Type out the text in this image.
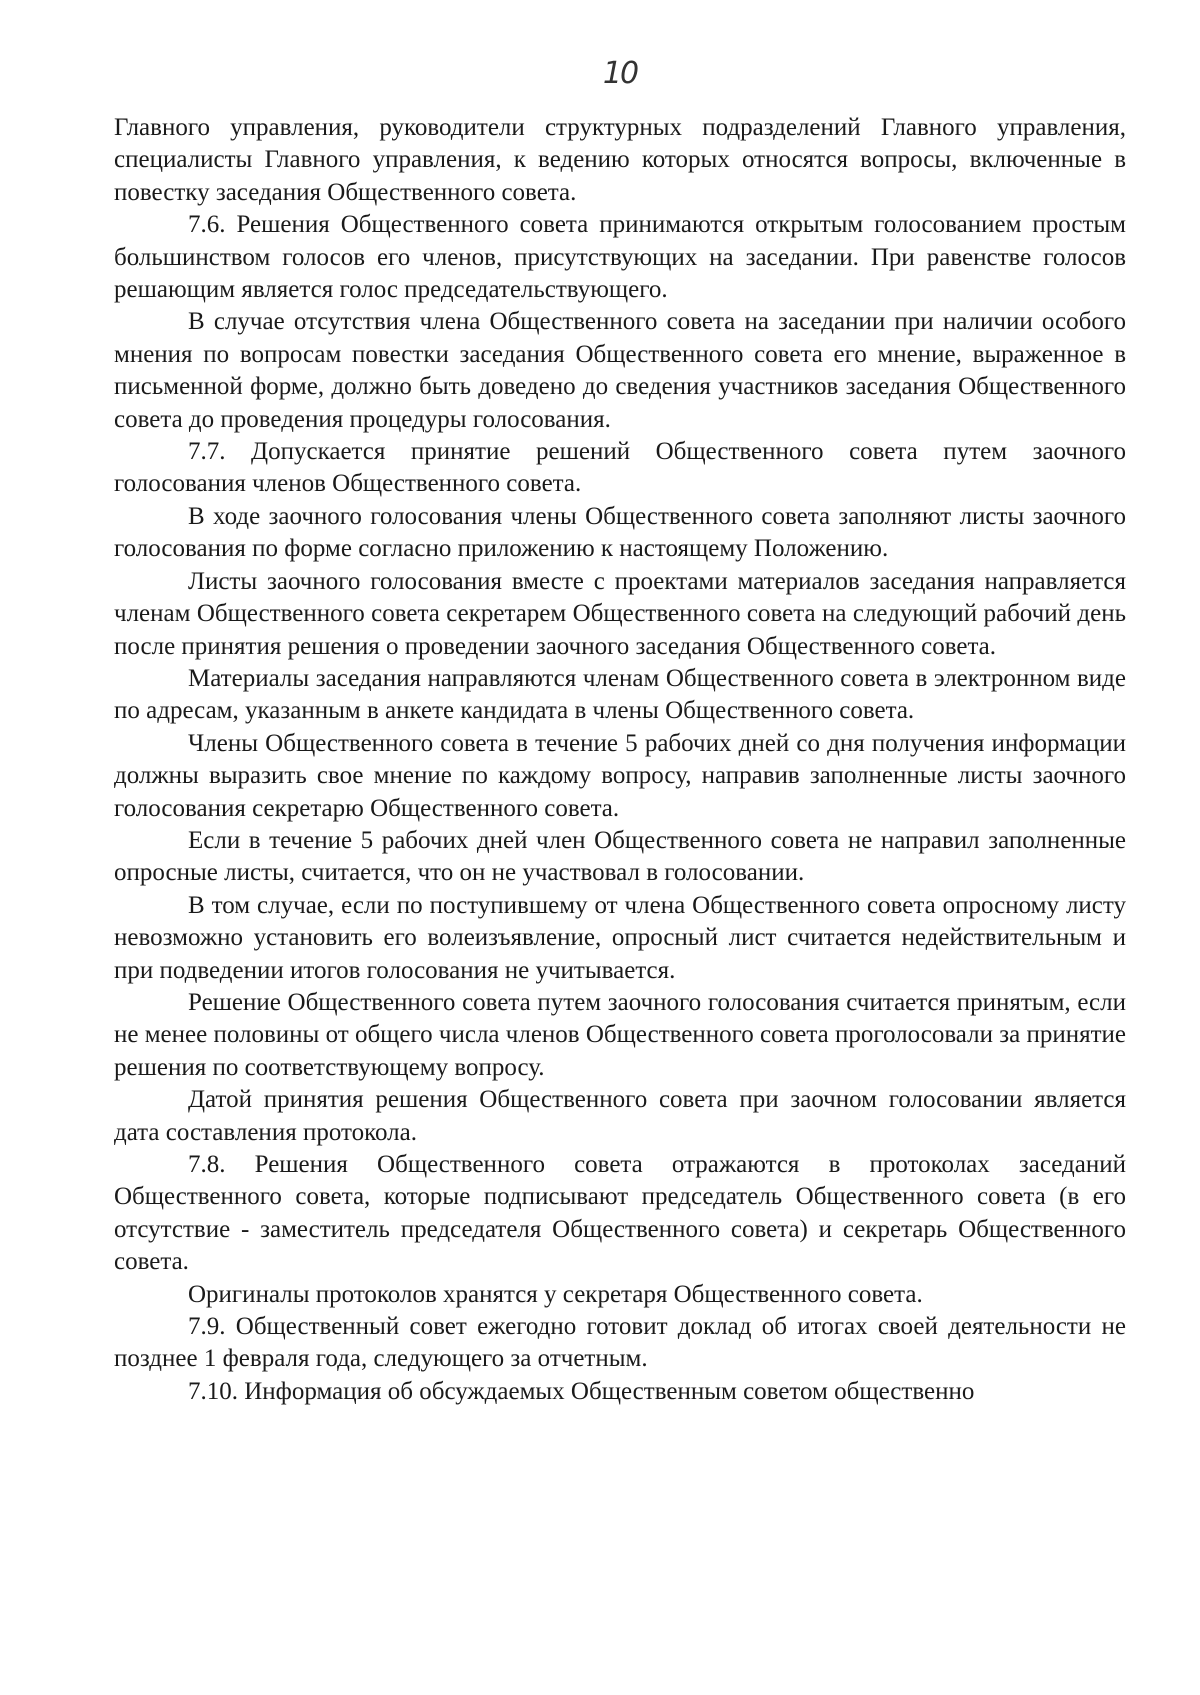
10

Главного управления, руководители структурных подразделений Главного управления, специалисты Главного управления, к ведению которых относятся вопросы, включенные в повестку заседания Общественного совета.

7.6. Решения Общественного совета принимаются открытым голосованием простым большинством голосов его членов, присутствующих на заседании. При равенстве голосов решающим является голос председательствующего.

В случае отсутствия члена Общественного совета на заседании при наличии особого мнения по вопросам повестки заседания Общественного совета его мнение, выраженное в письменной форме, должно быть доведено до сведения участников заседания Общественного совета до проведения процедуры голосования.

7.7. Допускается принятие решений Общественного совета путем заочного голосования членов Общественного совета.

В ходе заочного голосования члены Общественного совета заполняют листы заочного голосования по форме согласно приложению к настоящему Положению.

Листы заочного голосования вместе с проектами материалов заседания направляется членам Общественного совета секретарем Общественного совета на следующий рабочий день после принятия решения о проведении заочного заседания Общественного совета.

Материалы заседания направляются членам Общественного совета в электронном виде по адресам, указанным в анкете кандидата в члены Общественного совета.

Члены Общественного совета в течение 5 рабочих дней со дня получения информации должны выразить свое мнение по каждому вопросу, направив заполненные листы заочного голосования секретарю Общественного совета.

Если в течение 5 рабочих дней член Общественного совета не направил заполненные опросные листы, считается, что он не участвовал в голосовании.

В том случае, если по поступившему от члена Общественного совета опросному листу невозможно установить его волеизъявление, опросный лист считается недействительным и при подведении итогов голосования не учитывается.

Решение Общественного совета путем заочного голосования считается принятым, если не менее половины от общего числа членов Общественного совета проголосовали за принятие решения по соответствующему вопросу.

Датой принятия решения Общественного совета при заочном голосовании является дата составления протокола.

7.8. Решения Общественного совета отражаются в протоколах заседаний Общественного совета, которые подписывают председатель Общественного совета (в его отсутствие - заместитель председателя Общественного совета) и секретарь Общественного совета.

Оригиналы протоколов хранятся у секретаря Общественного совета.

7.9. Общественный совет ежегодно готовит доклад об итогах своей деятельности не позднее 1 февраля года, следующего за отчетным.

7.10. Информация об обсуждаемых Общественным советом общественно
